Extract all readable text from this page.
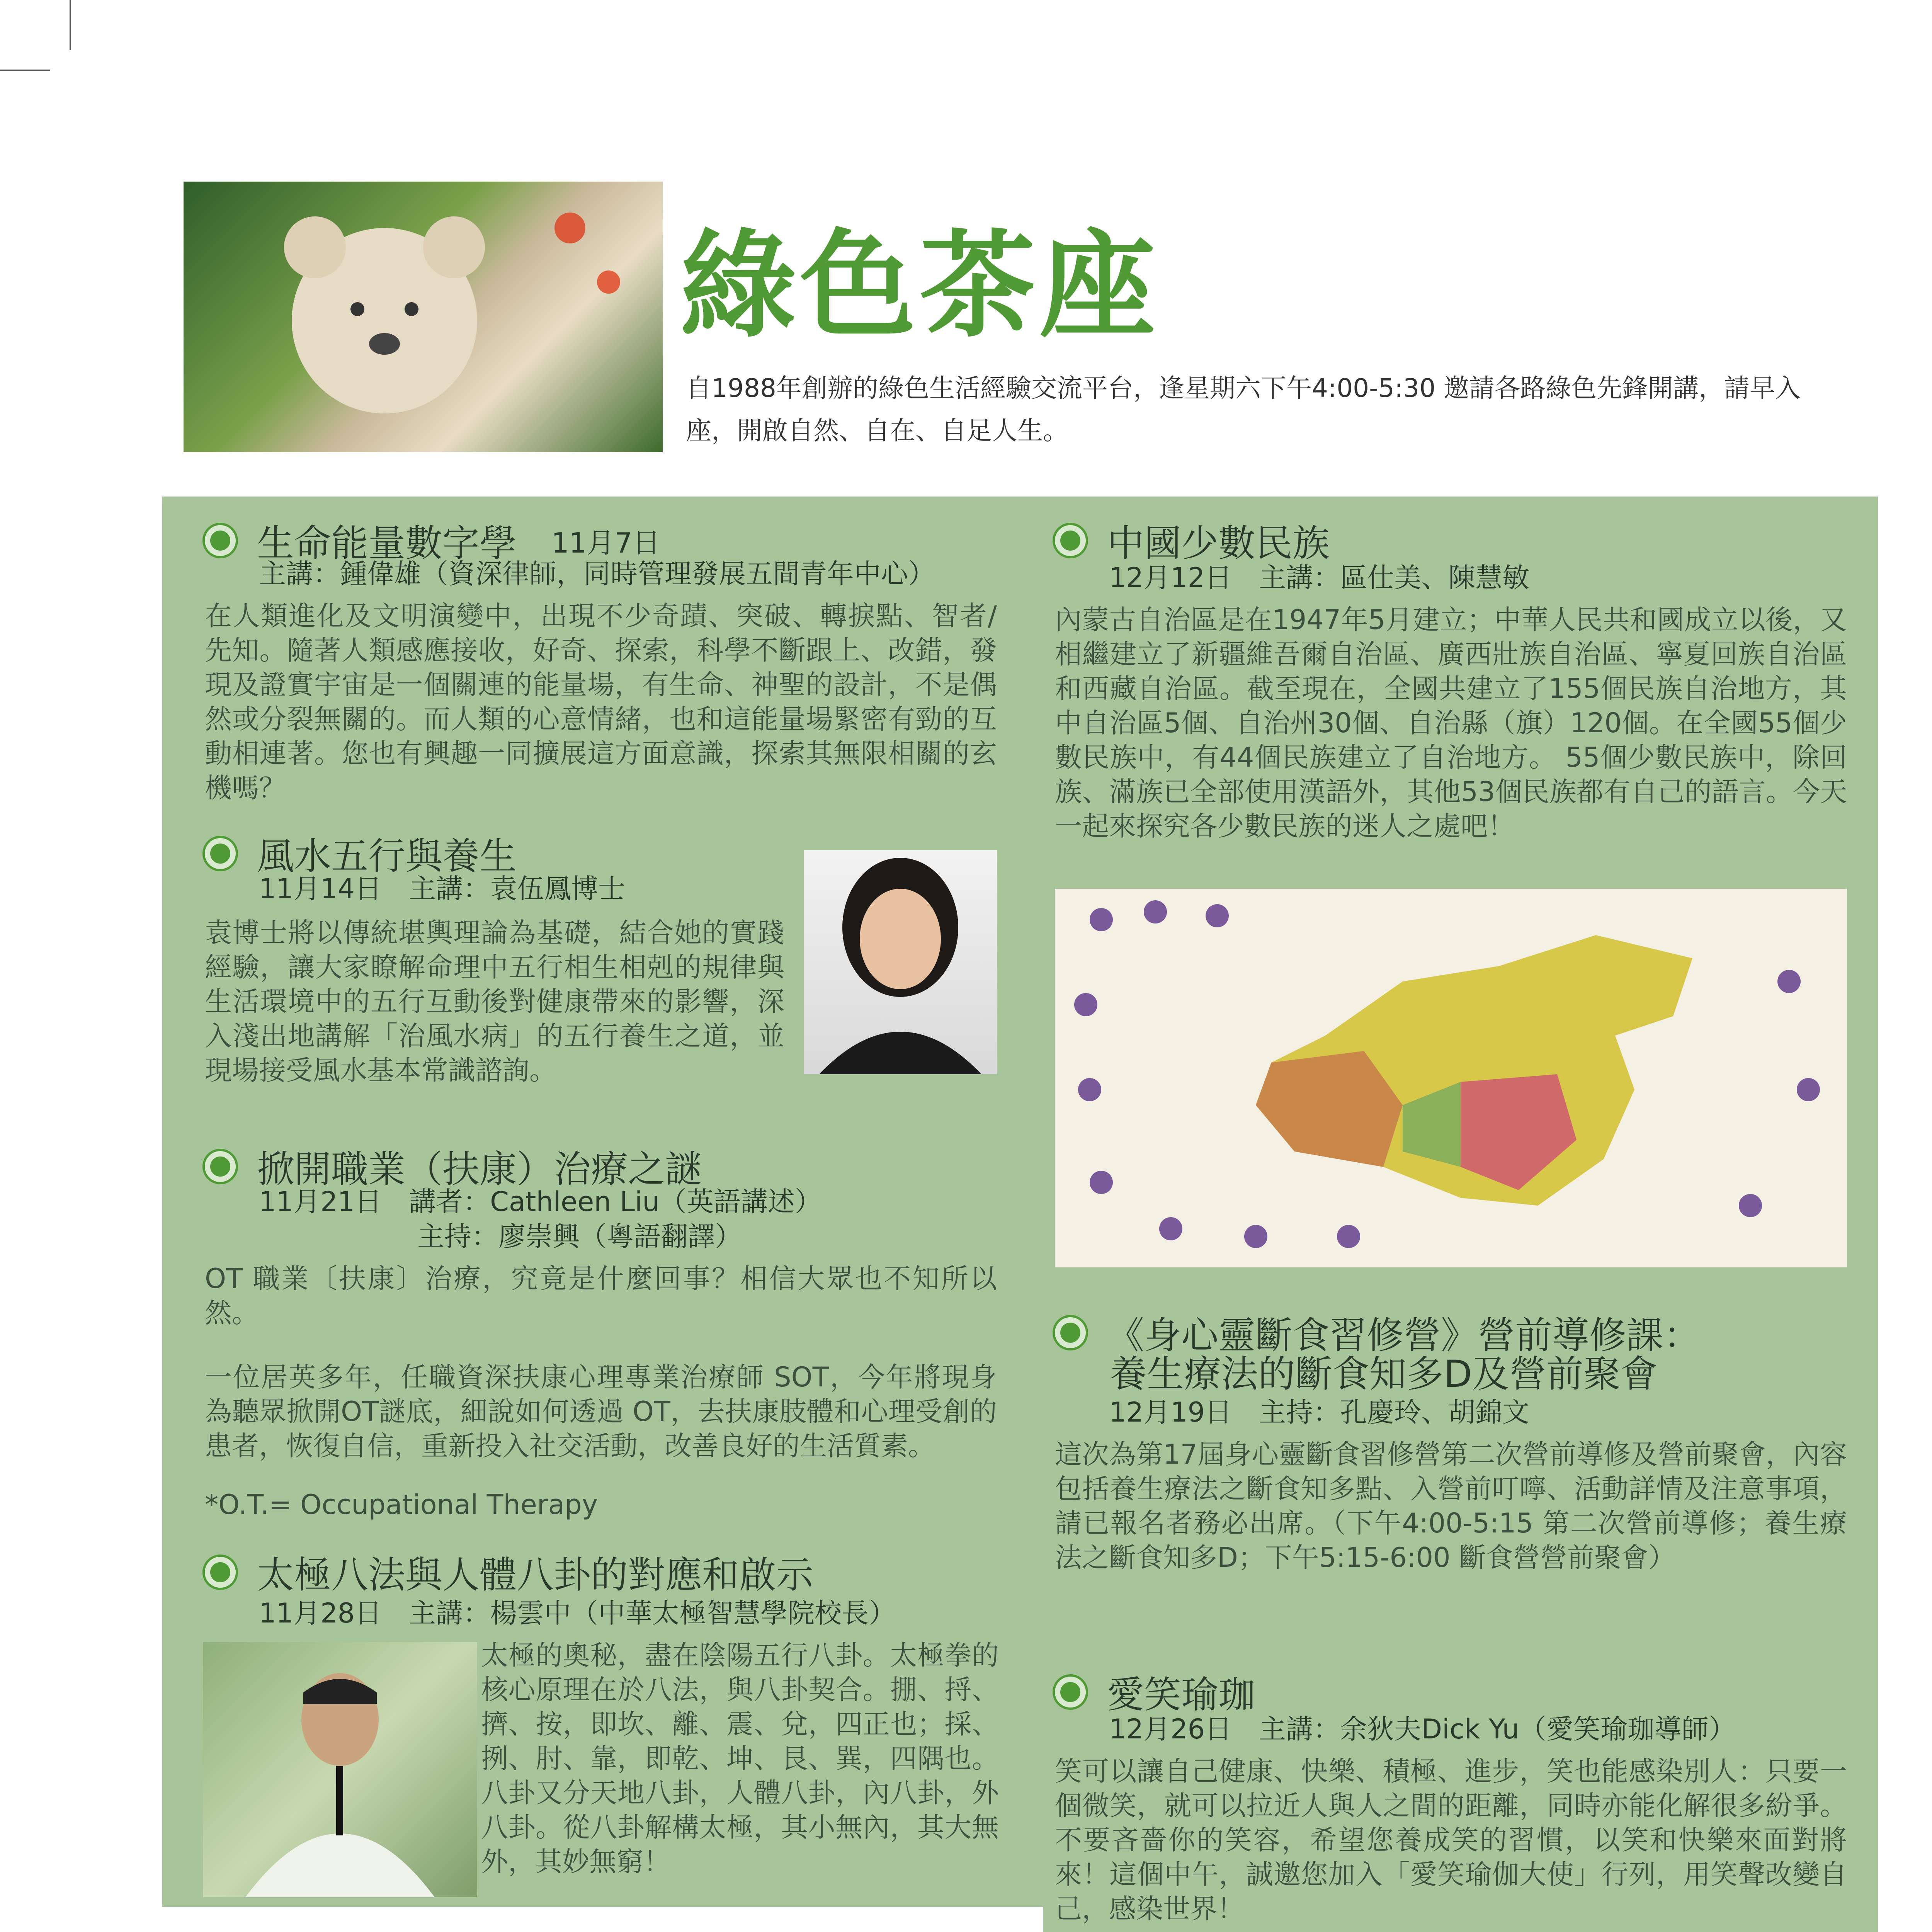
綠色茶座
自1988年創辦的綠色生活經驗交流平台，逢星期六下午4:00-5:30 邀請各路綠色先鋒開講，請早入座，開啟自然、自在、自足人生。
生命能量數字學 11月7日
主講：鍾偉雄（資深律師，同時管理發展五間青年中心）
在人類進化及文明演變中，出現不少奇蹟、突破、轉捩點、智者/先知。隨著人類感應接收，好奇、探索，科學不斷跟上、改錯，發現及證實宇宙是一個關連的能量場，有生命、神聖的設計，不是偶然或分裂無關的。而人類的心意情緒，也和這能量場緊密有勁的互動相連著。您也有興趣一同擴展這方面意識，探索其無限相關的玄機嗎？
風水五行與養生
11月14日　主講：袁伍鳳博士
袁博士將以傳統堪輿理論為基礎，結合她的實踐經驗，讓大家瞭解命理中五行相生相剋的規律與生活環境中的五行互動後對健康帶來的影響，深入淺出地講解「治風水病」的五行養生之道，並現場接受風水基本常識諮詢。
掀開職業（扶康）治療之謎
11月21日　講者：Cathleen Liu（英語講述）
主持：廖崇興（粵語翻譯）
OT 職業〔扶康〕治療，究竟是什麼回事？相信大眾也不知所以然。
一位居英多年，任職資深扶康心理專業治療師 SOT，今年將現身為聽眾掀開OT謎底，細說如何透過 OT，去扶康肢體和心理受創的患者，恢復自信，重新投入社交活動，改善良好的生活質素。
*O.T.= Occupational Therapy
太極八法與人體八卦的對應和啟示
11月28日　主講：楊雲中（中華太極智慧學院校長）
太極的奧秘，盡在陰陽五行八卦。太極拳的核心原理在於八法，與八卦契合。掤、捋、擠、按，即坎、離、震、兌，四正也；採、挒、肘、靠，即乾、坤、艮、巽，四隅也。八卦又分天地八卦，人體八卦，內八卦，外八卦。從八卦解構太極，其小無內，其大無外，其妙無窮！
中國少數民族
12月12日　主講：區仕美、陳慧敏
內蒙古自治區是在1947年5月建立；中華人民共和國成立以後，又相繼建立了新疆維吾爾自治區、廣西壯族自治區、寧夏回族自治區和西藏自治區。截至現在，全國共建立了155個民族自治地方，其中自治區5個、自治州30個、自治縣（旗）120個。在全國55個少數民族中，有44個民族建立了自治地方。 55個少數民族中，除回族、滿族已全部使用漢語外，其他53個民族都有自己的語言。今天一起來探究各少數民族的迷人之處吧！
《身心靈斷食習修營》營前導修課：
養生療法的斷食知多D及營前聚會
12月19日　主持：孔慶玲、胡錦文
這次為第17屆身心靈斷食習修營第二次營前導修及營前聚會，內容包括養生療法之斷食知多點、入營前叮嚀、活動詳情及注意事項，請已報名者務必出席。（下午4:00-5:15 第二次營前導修；養生療法之斷食知多D；下午5:15-6:00 斷食營營前聚會）
愛笑瑜珈
12月26日　主講：余狄夫Dick Yu（愛笑瑜珈導師）
笑可以讓自己健康、快樂、積極、進步，笑也能感染別人：只要一個微笑，就可以拉近人與人之間的距離，同時亦能化解很多紛爭。不要吝嗇你的笑容，希望您養成笑的習慣，以笑和快樂來面對將來！這個中午，誠邀您加入「愛笑瑜伽大使」行列，用笑聲改變自己，感染世界！
